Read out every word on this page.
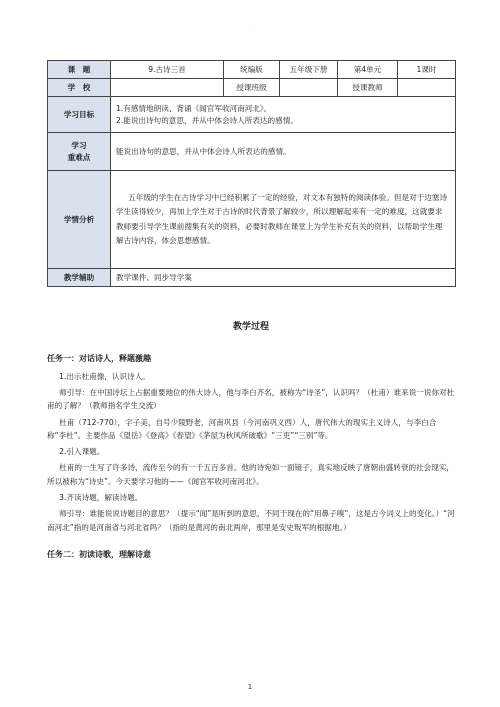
·
课　题	9.古诗三首	统编版	五年级下册	第4单元	1课时
学　校		授课班级		授课教师	
学习目标	1.有感情地朗读、背诵《闻官军收河南河北》。
2.能说出诗句的意思，并从中体会诗人所表达的感情。				

学习
重难点	能说出诗句的意思，并从中体会诗人所表达的感情。				
学情分析	五年级的学生在古诗学习中已经积累了一定的经验，对文本有独特的阅读体验。但是对于边塞诗学生读得较少，再加上学生对于古诗的时代背景了解较少，所以理解起来有一定的难度，这就要求教师要引导学生课前搜集有关的资料，必要时教师在课堂上为学生补充有关的资料，以帮助学生理解古诗内容，体会思想感情。				
教学辅助	教学课件、同步导学案				
教学过程
任务一：对话诗人，释题激趣
1.出示杜甫像，认识诗人。
师引导：在中国诗坛上占据重要地位的伟大诗人，他与李白齐名，被称为“诗圣”，认识吗？（杜甫）谁来说一说你对杜甫的了解？（教师指名学生交流）
杜甫（712-770），字子美，自号少陵野老，河南巩县（今河南巩义西）人，唐代伟大的现实主义诗人，与李白合称“李杜”。主要作品《望岳》《登高》《春望》《茅屋为秋风所破歌》“三吏”“三别”等。
2.引入课题。
杜甫的一生写了许多诗，流传至今的有一千五百多首。他的诗宛如一面镜子，真实地反映了唐朝由盛转衰的社会现实，所以被称为“诗史”。今天要学习他的——《闻官军收河南河北》。
3.齐读诗题，解读诗题。
师引导：谁能说说诗题目的意思？（提示“闻”是听到的意思，不同于现在的“用鼻子嗅”，这是古今词义上的变化。）“河南河北”指的是河南省与河北省吗？（指的是黄河的南北两岸，那里是安史叛军的根据地。）
任务二：初读诗歌，理解诗意
1
